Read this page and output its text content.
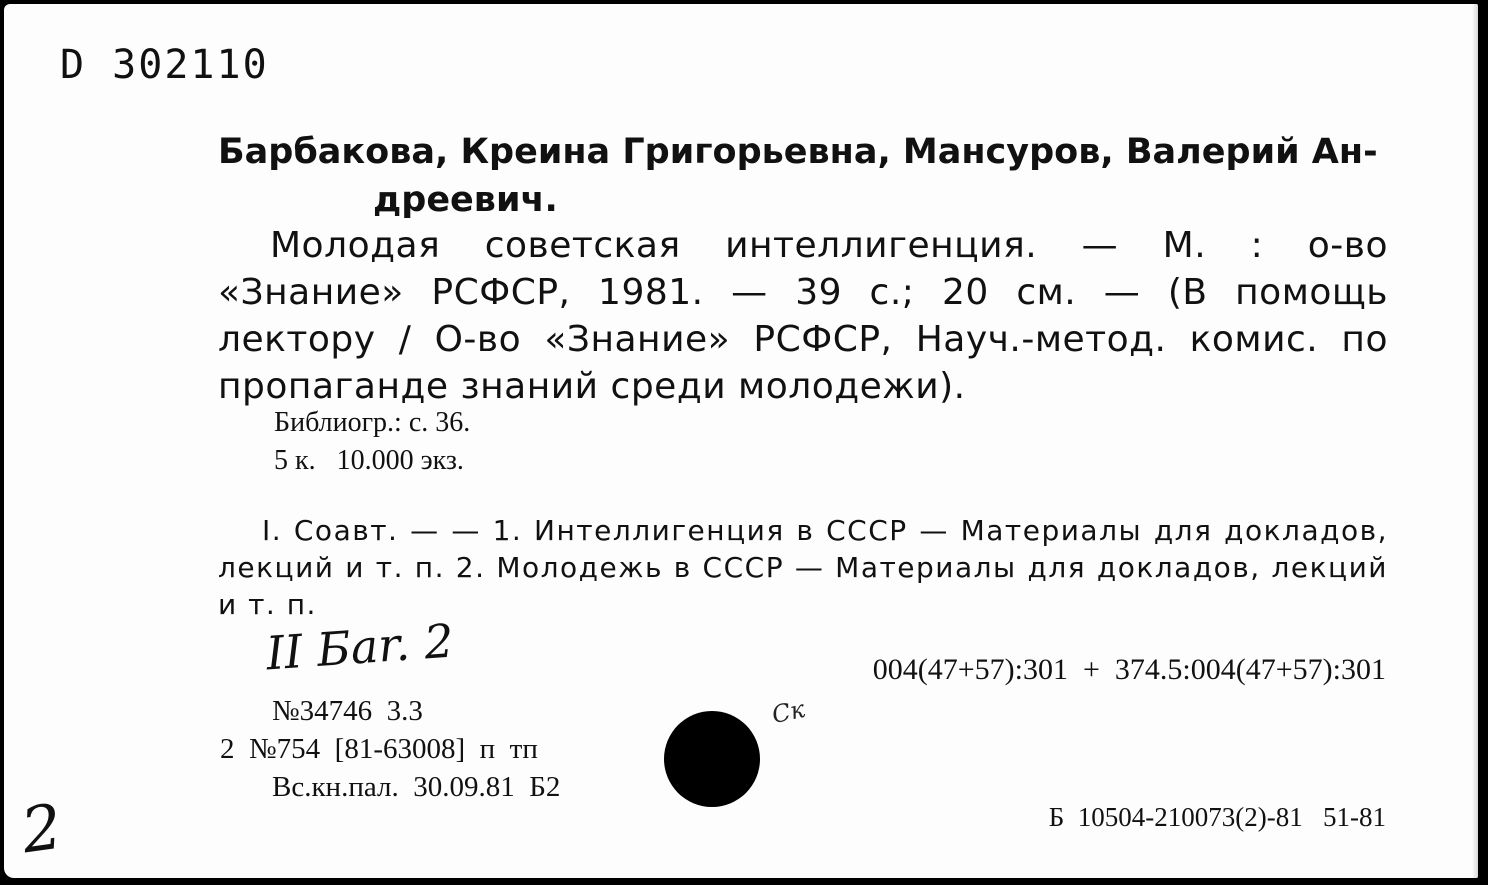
D 302110
Барбакова, Креина Григорьевна, Мансуров, Валерий Ан-
дреевич.
Молодая советская интеллигенция. — М. : о-во «Знание» РСФСР, 1981. — 39 с.; 20 см. — (В помощь лектору / О-во «Знание» РСФСР, Науч.-метод. комис. по пропаганде знаний среди молодежи).
Библиогр.: с. 36.
5 к.   10.000 экз.
I. Соавт. — — 1. Интеллигенция в СССР — Материалы для докладов, лекций и т. п. 2. Молодежь в СССР — Материалы для докладов, лекций и т. п.
II Бar. 2	004(47+57):301  +  374.5:004(47+57):301
№34746  3.3
2  №754  [81-63008]  п  тп
Вс.кн.пал.  30.09.81  Б2
Ск
Б  10504-210073(2)-81   51-81
2
